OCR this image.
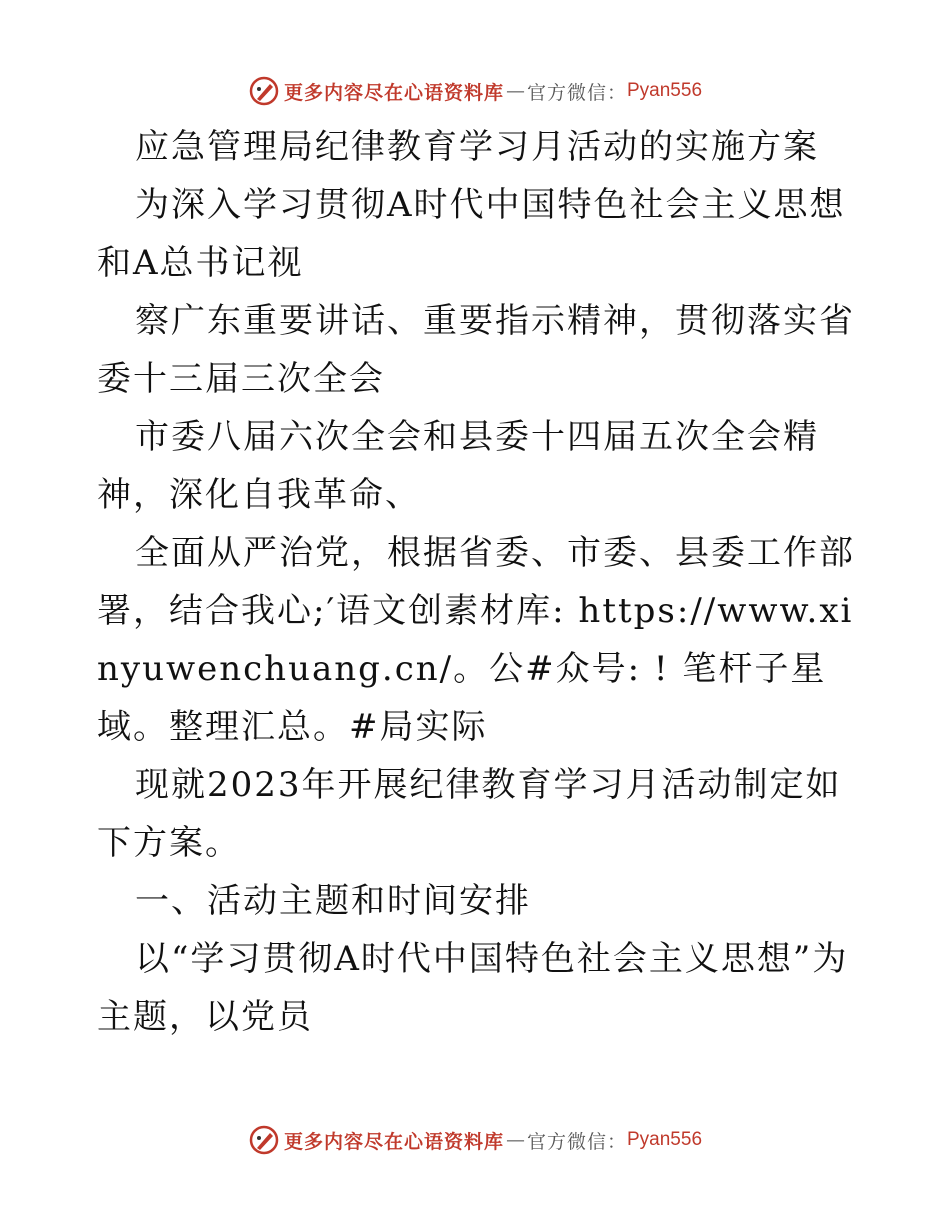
更多内容尽在心语资料库 — 官方微信： Pyan556

应急管理局纪律教育学习月活动的实施方案

为深入学习贯彻A时代中国特色社会主义思想和A总书记视

察广东重要讲话、重要指示精神，贯彻落实省委十三届三次全会

市委八届六次全会和县委十四届五次全会精神，深化自我革命、

全面从严治党，根据省委、市委、县委工作部署，结合我心;′语文创素材库: https://www.xinyuwenchuang.cn/。公#众号: ! 笔杆子星域。整理汇总。#局实际

现就2023年开展纪律教育学习月活动制定如下方案。

一、活动主题和时间安排

以“学习贯彻A时代中国特色社会主义思想”为主题，以党员

更多内容尽在心语资料库 — 官方微信： Pyan556
